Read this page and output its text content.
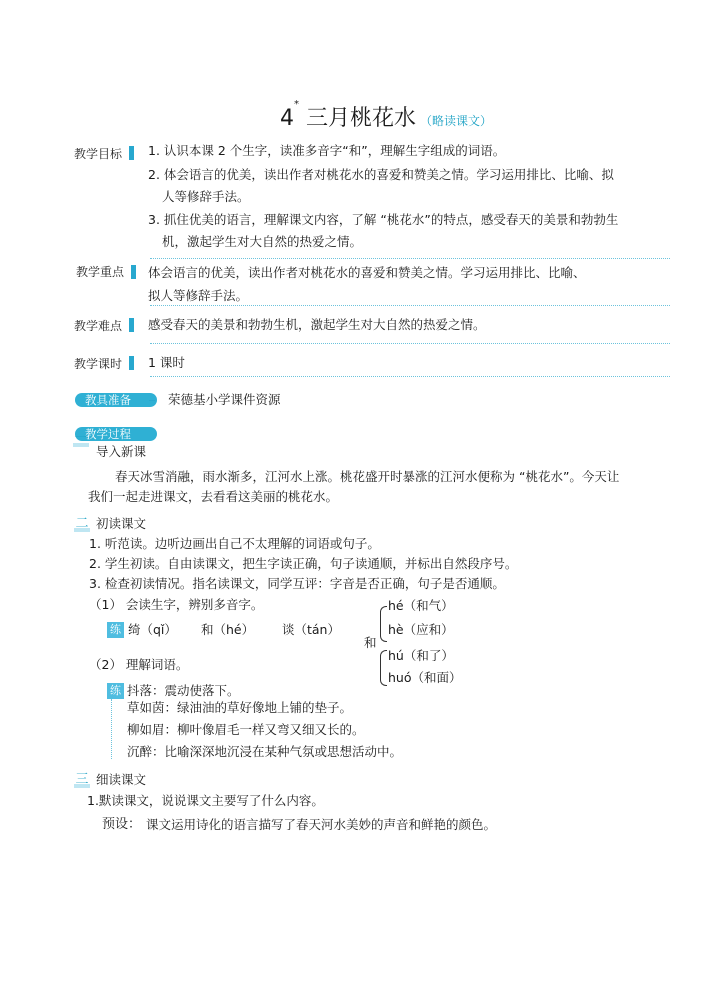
4* 三月桃花水 （略读课文）
教学目标 1. 认识本课 2 个生字，读准多音字“和”，理解生字组成的词语。
2. 体会语言的优美，读出作者对桃花水的喜爱和赞美之情。学习运用排比、比喻、拟
人等修辞手法。
3. 抓住优美的语言，理解课文内容，了解 “桃花水”的特点，感受春天的美景和勃勃生
机，激起学生对大自然的热爱之情。
教学重点 体会语言的优美，读出作者对桃花水的喜爱和赞美之情。学习运用排比、比喻、
拟人等修辞手法。
教学难点 感受春天的美景和勃勃生机，激起学生对大自然的热爱之情。
教学课时 1 课时
教具准备	荣德基小学课件资源
教学过程
一
导入新课
春天冰雪消融，雨水渐多，江河水上涨。桃花盛开时暴涨的江河水便称为 “桃花水”。今天让
我们一起走进课文，去看看这美丽的桃花水。
二 初读课文
1. 听范读。边听边画出自己不太理解的词语或句子。
2. 学生初读。自由读课文，把生字读正确，句子读通顺，并标出自然段序号。
3. 检查初读情况。指名读课文，同学互评：字音是否正确，句子是否通顺。
（1） 会读生字，辨别多音字。
练 绮（qǐ） 和（hé） 谈（tán）
和
hé（和气）
hè（应和）
hú（和了）
huó（和面）
（2） 理解词语。
练 抖落：震动使落下。
草如茵：绿油油的草好像地上铺的垫子。
柳如眉：柳叶像眉毛一样又弯又细又长的。
沉醉：比喻深深地沉浸在某种气氛或思想活动中。
三 细读课文
1.默读课文，说说课文主要写了什么内容。
预设： 课文运用诗化的语言描写了春天河水美妙的声音和鲜艳的颜色。
